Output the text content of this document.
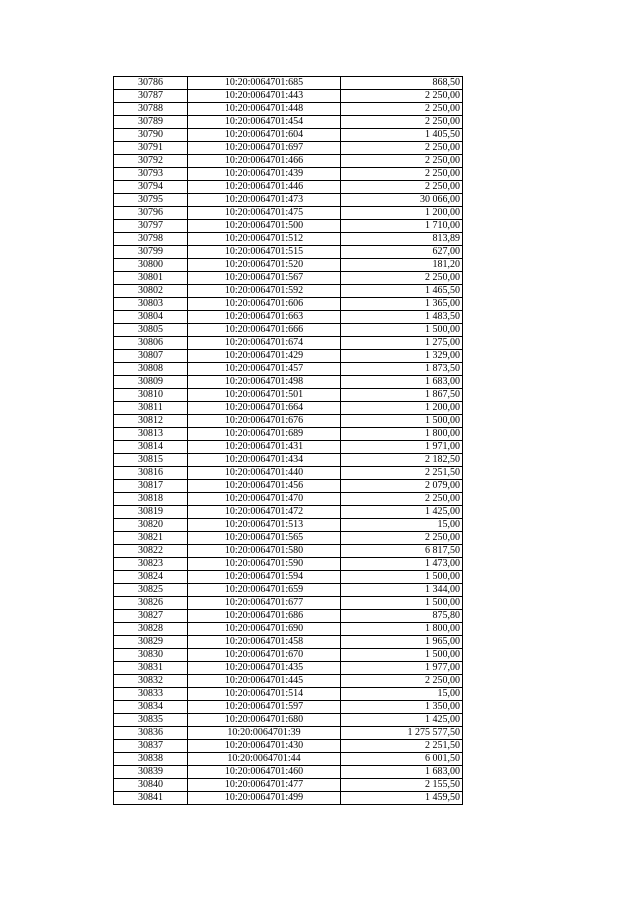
30786	10:20:0064701:685	868,50
30787	10:20:0064701:443	2 250,00
30788	10:20:0064701:448	2 250,00
30789	10:20:0064701:454	2 250,00
30790	10:20:0064701:604	1 405,50
30791	10:20:0064701:697	2 250,00
30792	10:20:0064701:466	2 250,00
30793	10:20:0064701:439	2 250,00
30794	10:20:0064701:446	2 250,00
30795	10:20:0064701:473	30 066,00
30796	10:20:0064701:475	1 200,00
30797	10:20:0064701:500	1 710,00
30798	10:20:0064701:512	813,89
30799	10:20:0064701:515	627,00
30800	10:20:0064701:520	181,20
30801	10:20:0064701:567	2 250,00
30802	10:20:0064701:592	1 465,50
30803	10:20:0064701:606	1 365,00
30804	10:20:0064701:663	1 483,50
30805	10:20:0064701:666	1 500,00
30806	10:20:0064701:674	1 275,00
30807	10:20:0064701:429	1 329,00
30808	10:20:0064701:457	1 873,50
30809	10:20:0064701:498	1 683,00
30810	10:20:0064701:501	1 867,50
30811	10:20:0064701:664	1 200,00
30812	10:20:0064701:676	1 500,00
30813	10:20:0064701:689	1 800,00
30814	10:20:0064701:431	1 971,00
30815	10:20:0064701:434	2 182,50
30816	10:20:0064701:440	2 251,50
30817	10:20:0064701:456	2 079,00
30818	10:20:0064701:470	2 250,00
30819	10:20:0064701:472	1 425,00
30820	10:20:0064701:513	15,00
30821	10:20:0064701:565	2 250,00
30822	10:20:0064701:580	6 817,50
30823	10:20:0064701:590	1 473,00
30824	10:20:0064701:594	1 500,00
30825	10:20:0064701:659	1 344,00
30826	10:20:0064701:677	1 500,00
30827	10:20:0064701:686	875,80
30828	10:20:0064701:690	1 800,00
30829	10:20:0064701:458	1 965,00
30830	10:20:0064701:670	1 500,00
30831	10:20:0064701:435	1 977,00
30832	10:20:0064701:445	2 250,00
30833	10:20:0064701:514	15,00
30834	10:20:0064701:597	1 350,00
30835	10:20:0064701:680	1 425,00
30836	10:20:0064701:39	1 275 577,50
30837	10:20:0064701:430	2 251,50
30838	10:20:0064701:44	6 001,50
30839	10:20:0064701:460	1 683,00
30840	10:20:0064701:477	2 155,50
30841	10:20:0064701:499	1 459,50
